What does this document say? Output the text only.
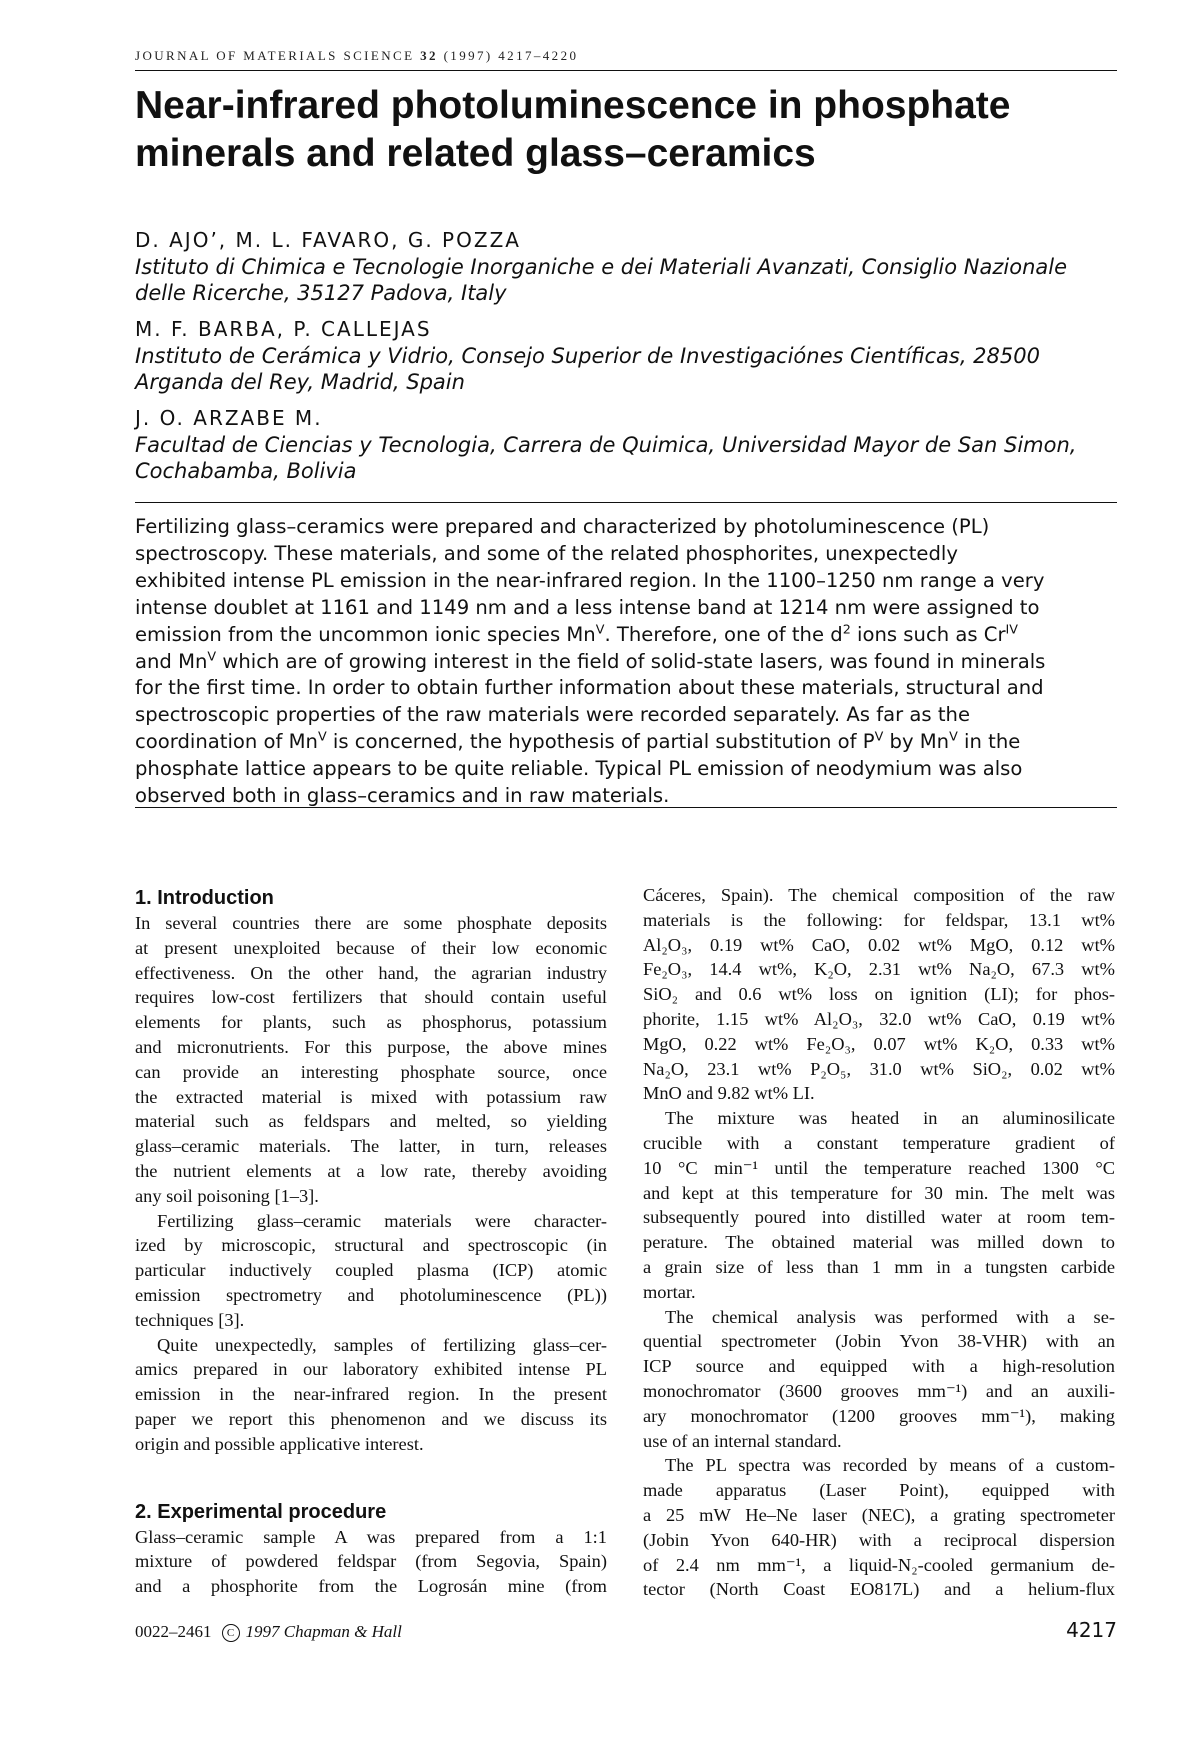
JOURNAL OF MATERIALS SCIENCE 32 (1997) 4217–4220
Near-infrared photoluminescence in phosphate
minerals and related glass–ceramics
D. AJO’, M. L. FAVARO, G. POZZA
Istituto di Chimica e Tecnologie Inorganiche e dei Materiali Avanzati, Consiglio Nazionale
delle Ricerche, 35127 Padova, Italy
M. F. BARBA, P. CALLEJAS
Instituto de Cerámica y Vidrio, Consejo Superior de Investigaciónes Científicas, 28500
Arganda del Rey, Madrid, Spain
J. O. ARZABE M.
Facultad de Ciencias y Tecnologia, Carrera de Quimica, Universidad Mayor de San Simon,
Cochabamba, Bolivia
Fertilizing glass–ceramics were prepared and characterized by photoluminescence (PL)
spectroscopy. These materials, and some of the related phosphorites, unexpectedly
exhibited intense PL emission in the near-infrared region. In the 1100–1250 nm range a very
intense doublet at 1161 and 1149 nm and a less intense band at 1214 nm were assigned to
emission from the uncommon ionic species $Mn^V$. Therefore, one of the $d^2$ ions such as $Cr^{IV}$
and $Mn^V$ which are of growing interest in the field of solid-state lasers, was found in minerals
for the first time. In order to obtain further information about these materials, structural and
spectroscopic properties of the raw materials were recorded separately. As far as the
coordination of $Mn^V$ is concerned, the hypothesis of partial substitution of $P^V$ by $Mn^V$ in the
phosphate lattice appears to be quite reliable. Typical PL emission of neodymium was also
observed both in glass–ceramics and in raw materials.
1. Introduction

In several countries there are some phosphate deposits
at present unexploited because of their low economic
effectiveness. On the other hand, the agrarian industry
requires low-cost fertilizers that should contain useful
elements for plants, such as phosphorus, potassium
and micronutrients. For this purpose, the above mines
can provide an interesting phosphate source, once
the extracted material is mixed with potassium raw
material such as feldspars and melted, so yielding
glass–ceramic materials. The latter, in turn, releases
the nutrient elements at a low rate, thereby avoiding
any soil poisoning [1–3].

Fertilizing glass–ceramic materials were character-
ized by microscopic, structural and spectroscopic (in
particular inductively coupled plasma (ICP) atomic
emission spectrometry and photoluminescence (PL))
techniques [3].

Quite unexpectedly, samples of fertilizing glass–cer-
amics prepared in our laboratory exhibited intense PL
emission in the near-infrared region. In the present
paper we report this phenomenon and we discuss its
origin and possible applicative interest.

2. Experimental procedure

Glass–ceramic sample A was prepared from a 1:1
mixture of powdered feldspar (from Segovia, Spain)
and a phosphorite from the Logrosán mine (from

Cáceres, Spain). The chemical composition of the raw
materials is the following: for feldspar, 13.1 wt%
Al₂O₃, 0.19 wt% CaO, 0.02 wt% MgO, 0.12 wt%
Fe₂O₃, 14.4 wt%, K₂O, 2.31 wt% Na₂O, 67.3 wt%
SiO₂ and 0.6 wt% loss on ignition (LI); for phos-
phorite, 1.15 wt% Al₂O₃, 32.0 wt% CaO, 0.19 wt%
MgO, 0.22 wt% Fe₂O₃, 0.07 wt% K₂O, 0.33 wt%
Na₂O, 23.1 wt% P₂O₅, 31.0 wt% SiO₂, 0.02 wt%
MnO and 9.82 wt% LI.

The mixture was heated in an aluminosilicate
crucible with a constant temperature gradient of
10 °C min⁻¹ until the temperature reached 1300 °C
and kept at this temperature for 30 min. The melt was
subsequently poured into distilled water at room tem-
perature. The obtained material was milled down to
a grain size of less than 1 mm in a tungsten carbide
mortar.

The chemical analysis was performed with a se-
quential spectrometer (Jobin Yvon 38-VHR) with an
ICP source and equipped with a high-resolution
monochromator (3600 grooves mm⁻¹) and an auxili-
ary monochromator (1200 grooves mm⁻¹), making
use of an internal standard.

The PL spectra was recorded by means of a custom-
made apparatus (Laser Point), equipped with
a 25 mW He–Ne laser (NEC), a grating spectrometer
(Jobin Yvon 640-HR) with a reciprocal dispersion
of 2.4 nm mm⁻¹, a liquid-N₂-cooled germanium de-
tector (North Coast EO817L) and a helium-flux

0022–2461 C 1997 Chapman & Hall	4217
